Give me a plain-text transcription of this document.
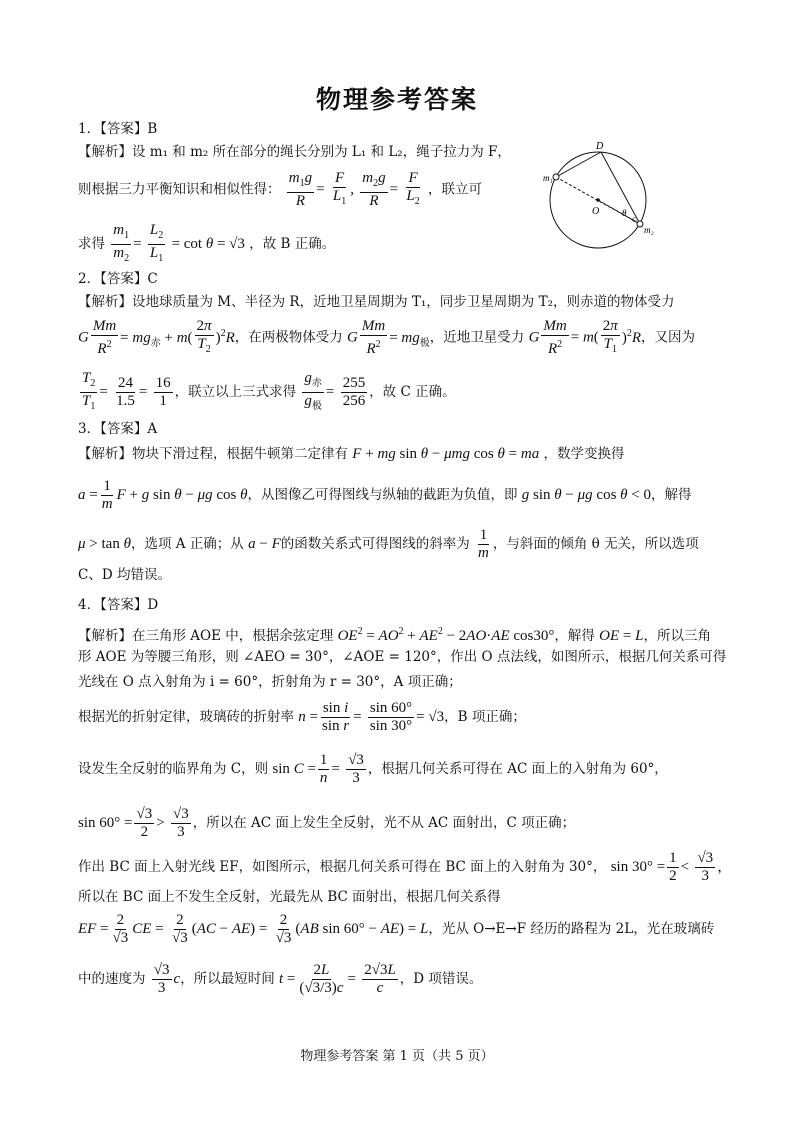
物理参考答案
1．【答案】B
【解析】设 m₁ 和 m₂ 所在部分的绳长分别为 L₁ 和 L₂，绳子拉力为 F，
则根据三力平衡知识和相似性得： $\frac{m_1g}{R} = \frac{F}{L_1}$ , $\frac{m_2g}{R} = \frac{F}{L_2}$ ，联立可
求得 $\frac{m_1}{m_2} = \frac{L_2}{L_1} = \cot \theta = √3$ ，故 B 正确。
D
m₁
O	θ
C
m₂
2．【答案】C
【解析】设地球质量为 M、半径为 R，近地卫星周期为 T₁，同步卫星周期为 T₂，则赤道的物体受力
G $\frac{Mm}{R^2} = mg_赤 + m( \frac{2\pi}{T_2} )^2R$，在两极物体受力 G $\frac{Mm}{R^2} = mg_极$，近地卫星受力 G $\frac{Mm}{R^2} = m( \frac{2\pi}{T_1} )^2R$，又因为
$\frac{T_2}{T_1} = \frac{24}{1.5} = \frac{16}{1}$ ，联立以上三式求得 $\frac{g_赤}{g_极} = \frac{255}{256}$ ，故 C 正确。
3．【答案】A
【解析】物块下滑过程，根据牛顿第二定律有 F + mg sin θ − μmg cos θ = ma ，数学变换得
$a = \frac{1}{m}$ F + g sin θ − μg cos θ，从图像乙可得图线与纵轴的截距为负值，即 g sin θ − μg cos θ < 0，解得
μ > tan θ，选项 A 正确；从 a − F的函数关系式可得图线的斜率为 $\frac{1}{m}$ ，与斜面的倾角 θ 无关，所以选项
C、D 均错误。
4．【答案】D
【解析】在三角形 AOE 中，根据余弦定理 $OE^2 = AO^2 + AE^2 - 2AO\cdot AE$ cos30°，解得 OE = L，所以三角
形 AOE 为等腰三角形，则 ∠AEO = 30°，∠AOE = 120°，作出 O 点法线，如图所示，根据几何关系可得
光线在 O 点入射角为 i = 60°，折射角为 r = 30°，A 项正确；
根据光的折射定律，玻璃砖的折射率 $n = \frac{\text{sin i}}{\text{sin r}} = \frac{\sin 60^\circ}{\sin 30^\circ} = √3$，B 项正确；
设发生全反射的临界角为 C，则 $\sin C = \frac{1}{n} = \frac{√3}{3}$ ，根据几何关系可得在 AC 面上的入射角为 60°，
$\sin 60^\circ = \frac{√3}{2} > \frac{√3}{3}$ ，所以在 AC 面上发生全反射，光不从 AC 面射出，C 项正确；
作出 BC 面上入射光线 EF，如图所示，根据几何关系可得在 BC 面上的入射角为 30°， $\sin 30^\circ = \frac{1}{2} < \frac{√3}{3}$ ，
所以在 BC 面上不发生全反射，光最先从 BC 面射出，根据几何关系得
EF = $\frac{2}{√3}$ CE = $\frac{2}{√3} (AC - AE) = \frac{2}{√3} (AB$ sin 60° − AE) = L，光从 O→E→F 经历的路程为 2L，光在玻璃砖
中的速度为 $\frac{√3}{3}$ c，所以最短时间 $t = \frac{2L}{(√3/3)c} = \frac{2√3L}{c}$ ，D 项错误。
物理参考答案 第 1 页（共 5 页）
